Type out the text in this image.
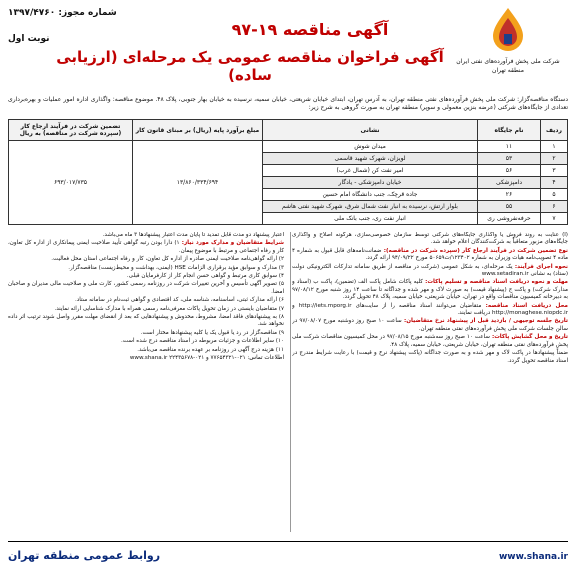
شرکت ملی پخش فرآورده‌های نفتی ایران
منطقه تهران
شماره مجوز: ۱۳۹۷/۴۷۶۰
نوبت اول	آگهی مناقصه ۱۹-۹۷
آگهی فراخوان مناقصه عمومی یک مرحله‌ای (ارزیابی ساده)
دستگاه مناقصه‌گزار: شرکت ملی پخش فرآورده‌های نفتی منطقه تهران، به آدرس تهران، ابتدای خیابان شریعتی، خیابان سمیه، نرسیده به خیابان بهار جنوبی، پلاک ۴۸. موضوع مناقصه: واگذاری اداره امور عملیات و بهره‌برداری تعدادی از جایگاه‌های شرکتی (عرضه بنزین معمولی و سوپر) منطقه تهران به صورت گروهی به شرح زیر:
ردیف	نام جایگاه	نشانی	مبلغ برآورد پایه (ریال) بر مبنای قانون کار	تضمین شرکت در فرآیند ارجاع کار (سپرده شرکت در مناقصه) به ریال
۱	۱۱	میدان شوش	۱۳/۸۶۰/۳۳۴/۶۹۴	۶۹۳/۰۱۷/۷۳۵
۲	۵۳	لویزان، شهرک شهید قاسمی		
۳	۵۶	امیر نفت کن (شمال غرب)		
۴	دامپزشکی	خیابان دامپزشکی - یادگار		
۵	۲۶	جاده قرچک، جنب دانشگاه امام حسین		
۶	۵۵	بلوار ارتش، نرسیده به انبار نفت شمال شرق، شهرک شهید نفتی هاشم		
۷	حرفه‌نفروشی ری	انبار نفت ری، جنب بانک ملی		
(آ) عنایت به روند فروش یا واگذاری جایگاه‌های شرکتی توسط سازمان خصوصی‌سازی، هرگونه اصلاح و واگذاری جایگاه‌های مزبور متعاقباً به شرکت‌کنندگان اعلام خواهد شد.
نوع تضمین شرکت در فرآیند ارجاع کار (سپرده شرکت در مناقصه): ضمانت‌نامه‌های قابل قبول به شماره ۴ ماده ۴ تصویب‌نامه هیات وزیران به شماره ۱۲۳۴۰۲/ت۵۰۶۵۹ مورخ ۹۴/۰۹/۲۲ ارائه گردد.
نحوه اجرای فرآیند: یک مرحله‌ای، به شکل عمومی (شرکت در مناقصه از طریق سامانه تدارکات الکترونیکی دولت (ستاد) به نشانی www.setadiran.ir
مهلت و نحوه دریافت اسناد مناقصه و تسلیم پاکات: کلیه پاکات شامل پاکت الف (تضمین)، پاکت ب (اسناد و مدارک شرکت) و پاکت ج (پیشنهاد قیمت) به صورت لاک و مهر شده و جداگانه تا ساعت ۱۴ روز شنبه مورخ ۹۷/۰۸/۱۲ به دبیرخانه کمیسیون مناقصات واقع در تهران، خیابان شریعتی، خیابان سمیه، پلاک ۴۸ تحویل گردد.
محل دریافت اسناد مناقصه: متقاضیان می‌توانند اسناد مناقصه را از سایت‌های http://iets.mporg.ir و http://monaghese.niopdc.ir دریافت نمایند.
تاریخ جلسه توجیهی / بازدید قبل از پیشنهاد نرخ متقاضیان: ساعت ۱۰ صبح روز دوشنبه مورخ ۹۷/۰۸/۰۷ در سالن جلسات شرکت ملی پخش فرآورده‌های نفتی منطقه تهران.
تاریخ و محل گشایش پاکات: ساعت ۱۰ صبح روز سه‌شنبه مورخ ۹۷/۰۸/۱۵ در محل کمیسیون مناقصات شرکت ملی پخش فرآورده‌های نفتی منطقه تهران، خیابان شریعتی، خیابان سمیه، پلاک ۴۸.
ضمناً پیشنهادها در پاکت لاک و مهر شده و به صورت جداگانه (پاکت پیشنهاد نرخ و قیمت) با رعایت شرایط مندرج در اسناد مناقصه تحویل گردد.
اعتبار پیشنهاد دو مدت قابل تمدید تا پایان مدت اعتبار پیشنهادها ۳ ماه می‌باشد.
شرایط متقاضیان و مدارک مورد نیاز: ۱) دارا بودن رتبه گواهی تأیید صلاحیت ایمنی پیمانکاری از اداره کل تعاون، کار و رفاه اجتماعی و مرتبط با موضوع پیمان.
۲) ارائه گواهی‌نامه صلاحیت ایمنی صادره از اداره کل تعاون، کار و رفاه اجتماعی استان محل فعالیت.
۳) مدارک و سوابق مؤید برقراری الزامات HSE (ایمنی، بهداشت و محیط‌زیست) مناقصه‌گزار.
۴) سوابق کاری مرتبط و گواهی حسن انجام کار از کارفرمایان قبلی.
۵) تصویر آگهی تأسیس و آخرین تغییرات شرکت در روزنامه رسمی کشور، کارت ملی و صلاحیت مالی مدیران و صاحبان امضا.
۶) ارائه مدارک ثبتی، اساسنامه، شناسه ملی، کد اقتصادی و گواهی ثبت‌نام در سامانه ستاد.
۷) متقاضیان بایستی در زمان تحویل پاکات معرفی‌نامه رسمی همراه با مدارک شناسایی ارائه نمایند.
۸) به پیشنهادهای فاقد امضا، مشروط، مخدوش و پیشنهادهایی که بعد از انقضای مهلت مقرر واصل شوند ترتیب اثر داده نخواهد شد.
۹) مناقصه‌گزار در رد یا قبول یک یا کلیه پیشنهادها مختار است.
۱۰) سایر اطلاعات و جزئیات مربوطه در اسناد مناقصه درج شده است.
۱۱) هزینه درج آگهی در روزنامه بر عهده برنده مناقصه می‌باشد.
اطلاعات تماس: ۰۲۱-۷۷۶۵۴۳۲۱ و ۰۲۱-۲۲۴۳۵۶۷۸ www.shana.ir
www.shana.ir
روابط عمومی منطقه تهران
